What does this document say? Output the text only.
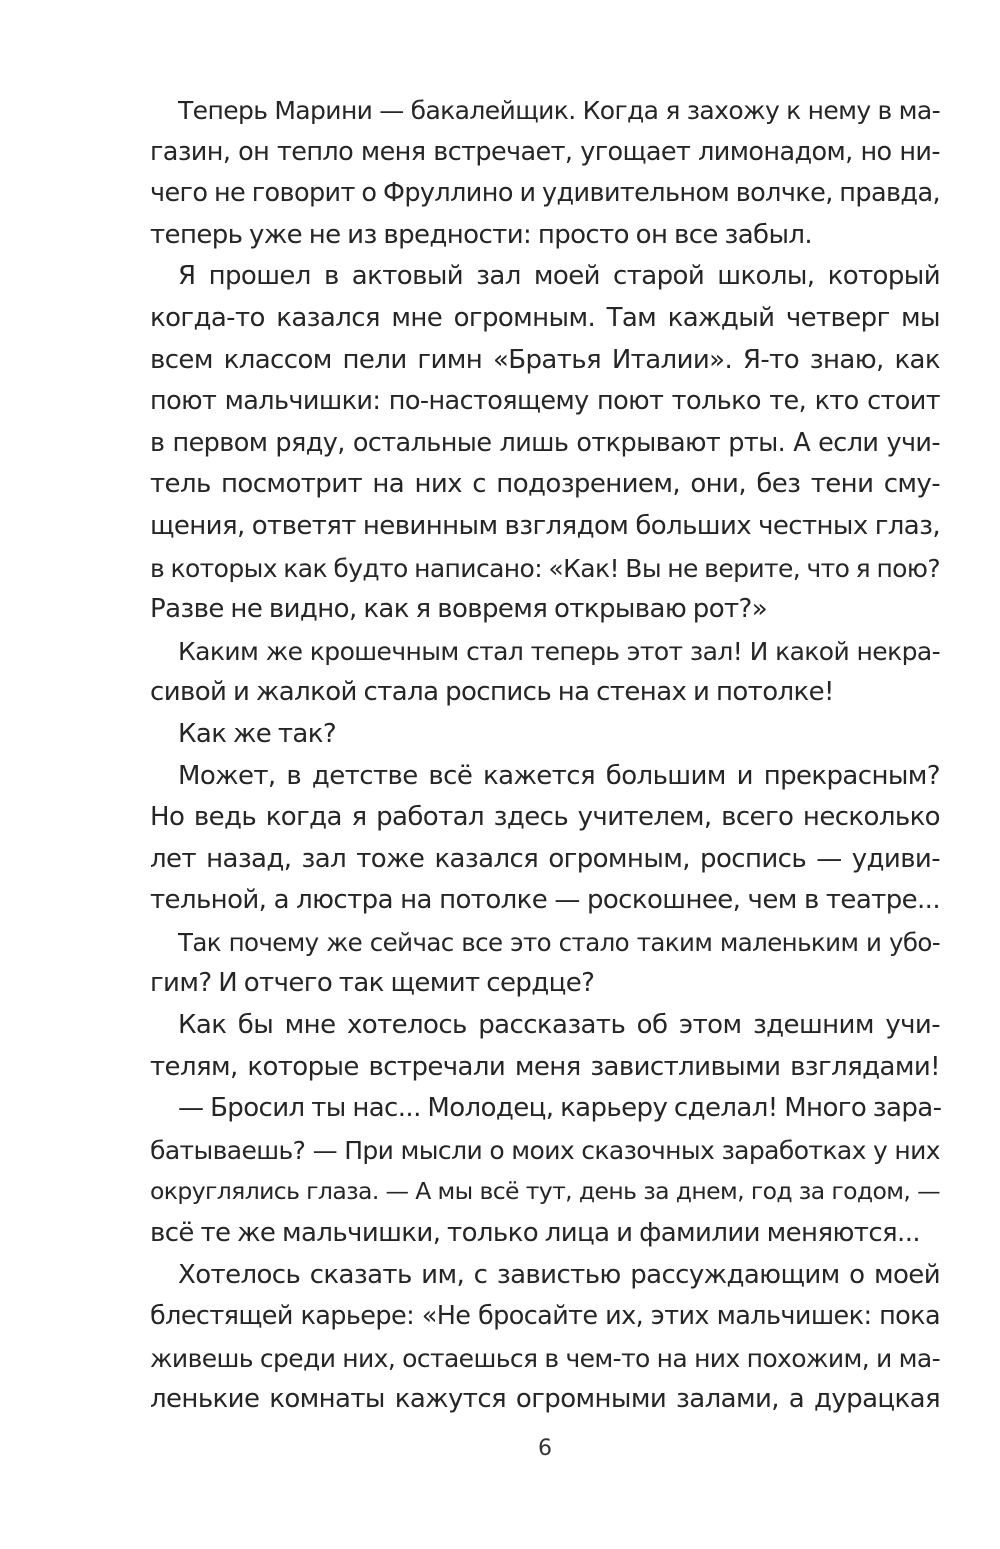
Теперь Марини — бакалейщик. Когда я захожу к нему в ма-
газин, он тепло меня встречает, угощает лимонадом, но ни-
чего не говорит о Фруллино и удивительном волчке, правда,
теперь уже не из вредности: просто он все забыл.
Я прошел в актовый зал моей старой школы, который
когда-то казался мне огромным. Там каждый четверг мы
всем классом пели гимн «Братья Италии». Я-то знаю, как
поют мальчишки: по-настоящему поют только те, кто стоит
в первом ряду, остальные лишь открывают рты. А если учи-
тель посмотрит на них с подозрением, они, без тени сму-
щения, ответят невинным взглядом больших честных глаз,
в которых как будто написано: «Как! Вы не верите, что я пою?
Разве не видно, как я вовремя открываю рот?»
Каким же крошечным стал теперь этот зал! И какой некра-
сивой и жалкой стала роспись на стенах и потолке!
Как же так?
Может, в детстве всё кажется большим и прекрасным?
Но ведь когда я работал здесь учителем, всего несколько
лет назад, зал тоже казался огромным, роспись — удиви-
тельной, а люстра на потолке — роскошнее, чем в театре...
Так почему же сейчас все это стало таким маленьким и убо-
гим? И отчего так щемит сердце?
Как бы мне хотелось рассказать об этом здешним учи-
телям, которые встречали меня завистливыми взглядами!
— Бросил ты нас... Молодец, карьеру сделал! Много зара-
батываешь? — При мысли о моих сказочных заработках у них
округлялись глаза. — А мы всё тут, день за днем, год за годом, —
всё те же мальчишки, только лица и фамилии меняются...
Хотелось сказать им, с завистью рассуждающим о моей
блестящей карьере: «Не бросайте их, этих мальчишек: пока
живешь среди них, остаешься в чем-то на них похожим, и ма-
ленькие комнаты кажутся огромными залами, а дурацкая
6
